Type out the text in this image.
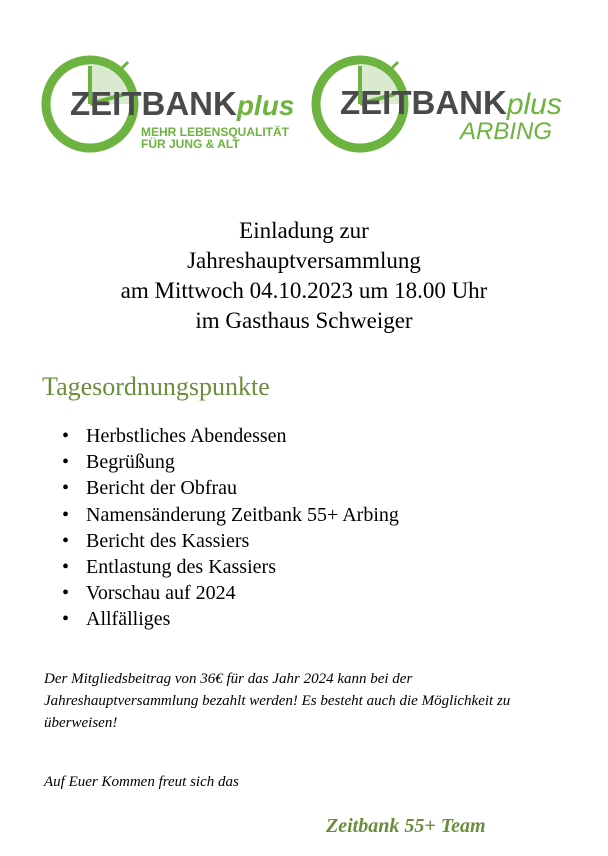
ZEITBANKplus
MEHR LEBENSQUALITÄT
FÜR JUNG & ALT
ZEITBANKplus
ARBING
Einladung zur
Jahreshauptversammlung
am Mittwoch 04.10.2023 um 18.00 Uhr
im Gasthaus Schweiger
Tagesordnungspunkte
• Herbstliches Abendessen
• Begrüßung
• Bericht der Obfrau
• Namensänderung Zeitbank 55+ Arbing
• Bericht des Kassiers
• Entlastung des Kassiers
• Vorschau auf 2024
• Allfälliges
Der Mitgliedsbeitrag von 36€ für das Jahr 2024 kann bei der Jahreshauptversammlung bezahlt werden! Es besteht auch die Möglichkeit zu überweisen!
Auf Euer Kommen freut sich das
Zeitbank 55+ Team
